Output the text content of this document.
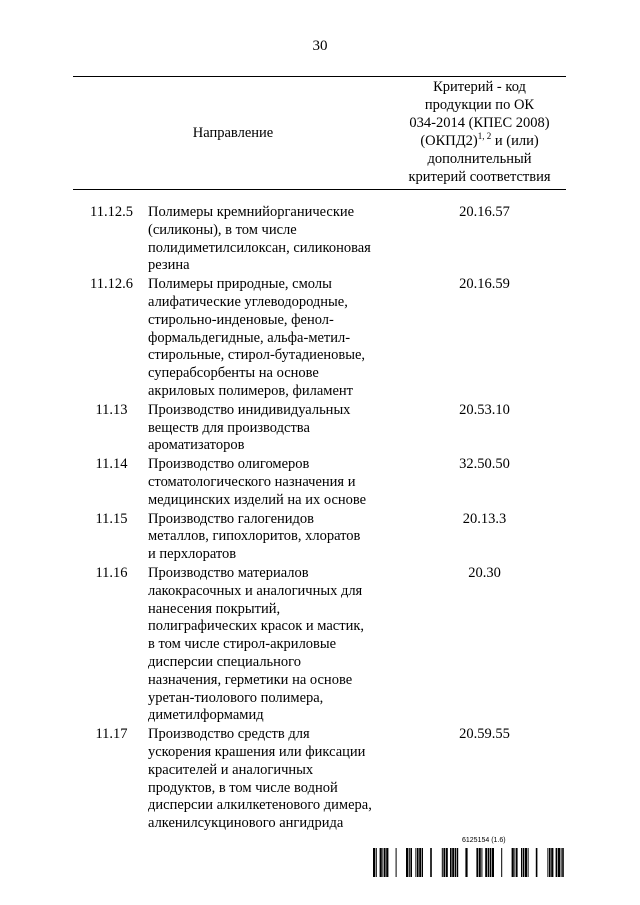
30
Направление
Критерий - код
продукции по ОК
034-2014 (КПЕС 2008)
(ОКПД2)$^{1, 2}$ и (или)
дополнительный
критерий соответствия
11.12.5	Полимеры кремнийорганические
(силиконы), в том числе
полидиметилсилоксан, силиконовая
резина
20.16.57
11.12.6	Полимеры природные, смолы
алифатические углеводородные,
стирольно-инденовые, фенол-
формальдегидные, альфа-метил-
стирольные, стирол-бутадиеновые,
суперабсорбенты на основе
акриловых полимеров, филамент
20.16.59
11.13	Производство инидивидуальных
веществ для производства
ароматизаторов
20.53.10
11.14	Производство олигомеров
стоматологического назначения и
медицинских изделий на их основе
32.50.50
11.15	Производство галогенидов
металлов, гипохлоритов, хлоратов
и перхлоратов
20.13.3
11.16	Производство материалов
лакокрасочных и аналогичных для
нанесения покрытий,
полиграфических красок и мастик,
в том числе стирол-акриловые
дисперсии специального
назначения, герметики на основе
уретан-тиолового полимера,
диметилформамид
20.30
11.17	Производство средств для
ускорения крашения или фиксации
красителей и аналогичных
продуктов, в том числе водной
дисперсии алкилкетенового димера,
алкенилсукцинового ангидрида
20.59.55
6125154 (1.6)
